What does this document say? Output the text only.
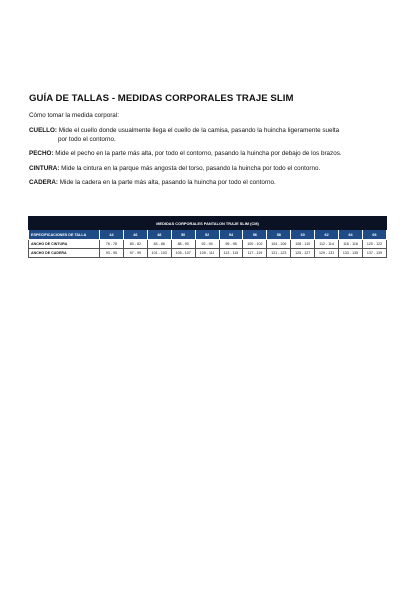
GUÍA DE TALLAS - MEDIDAS CORPORALES TRAJE SLIM
Cómo tomar la medida corporal:
CUELLO: Mide el cuello donde usualmente llega el cuello de la camisa, pasando la huincha ligeramente suelta
por todo el contorno.
PECHO: Mide el pecho en la parte más alta, por todo el contorno, pasando la huincha por debajo de los brazos.
CINTURA: Mide la cintura en la parque más angosta del torso, pasando la huincha por todo el contorno.
CADERA: Mide la cadera en la parte más alta, pasando la huincha por todo el contorno.
MEDIDAS CORPORALES PANTALON TRAJE SLIM (CM)												
ESPECIFICACIONES DE TALLA	44	46	48	50	52	54	56	58	60	62	64	66
ANCHO DE CINTURA	76 - 78	80 - 82	84 - 86	88 - 90	92 - 94	96 - 98	100 - 102	104 - 106	108 - 110	112 - 114	116 - 118	120 - 122
ANCHO DE CADERA	93 - 95	97 - 99	101 - 103	105 - 107	109 - 111	113 - 115	117 - 119	121 - 123	125 - 127	129 - 131	133 - 135	137 - 139
